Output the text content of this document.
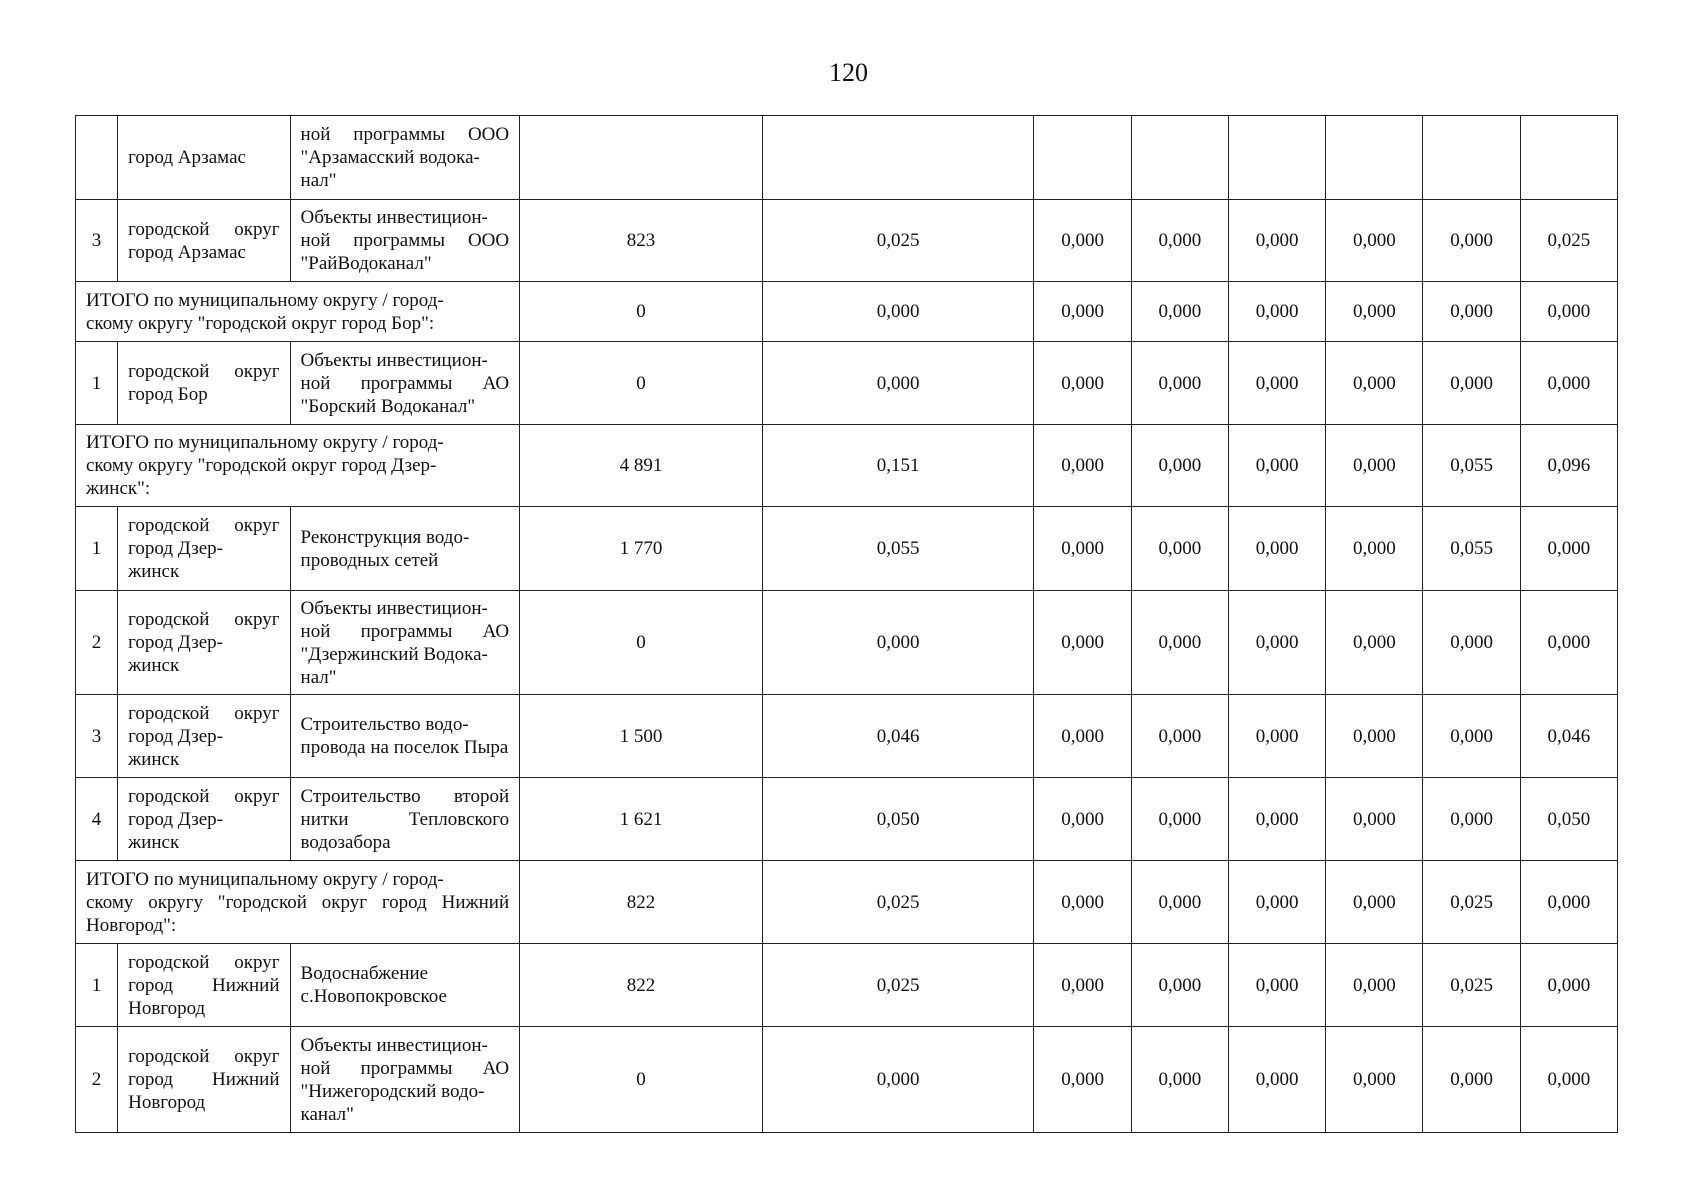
120
	город Арзамас	ной программы ООО "Арзамасский водока-
нал"								
3	городской округ город Арзамас	Объекты инвестицион-
ной программы ООО "РайВодоканал"	823	0,025	0,000	0,000	0,000	0,000	0,000	0,025
ИТОГО по муниципальному округу / город-
скому округу "городской округ город Бор":			0	0,000	0,000	0,000	0,000	0,000	0,000	0,000
1	городской округ город Бор	Объекты инвестицион-
ной программы АО "Борский Водоканал"	0	0,000	0,000	0,000	0,000	0,000	0,000	0,000
ИТОГО по муниципальному округу / город-
скому округу "городской округ город Дзер-
жинск":			4 891	0,151	0,000	0,000	0,000	0,000	0,055	0,096
1	городской округ город Дзер-
жинск	Реконструкция водо-
проводных сетей	1 770	0,055	0,000	0,000	0,000	0,000	0,055	0,000
2	городской округ город Дзер-
жинск	Объекты инвестицион-
ной программы АО "Дзержинский Водока-
нал"	0	0,000	0,000	0,000	0,000	0,000	0,000	0,000
3	городской округ город Дзер-
жинск	Строительство водо-
провода на поселок Пыра	1 500	0,046	0,000	0,000	0,000	0,000	0,000	0,046
4	городской округ город Дзер-
жинск	Строительство второй нитки Тепловского водозабора	1 621	0,050	0,000	0,000	0,000	0,000	0,000	0,050
ИТОГО по муниципальному округу / город-
скому округу "городской округ город Нижний Новгород":			822	0,025	0,000	0,000	0,000	0,000	0,025	0,000
1	городской округ город Нижний Новгород	Водоснабжение
с.Новопокровское	822	0,025	0,000	0,000	0,000	0,000	0,025	0,000
2	городской округ город Нижний Новгород	Объекты инвестицион-
ной программы АО "Нижегородский водо-
канал"	0	0,000	0,000	0,000	0,000	0,000	0,000	0,000
